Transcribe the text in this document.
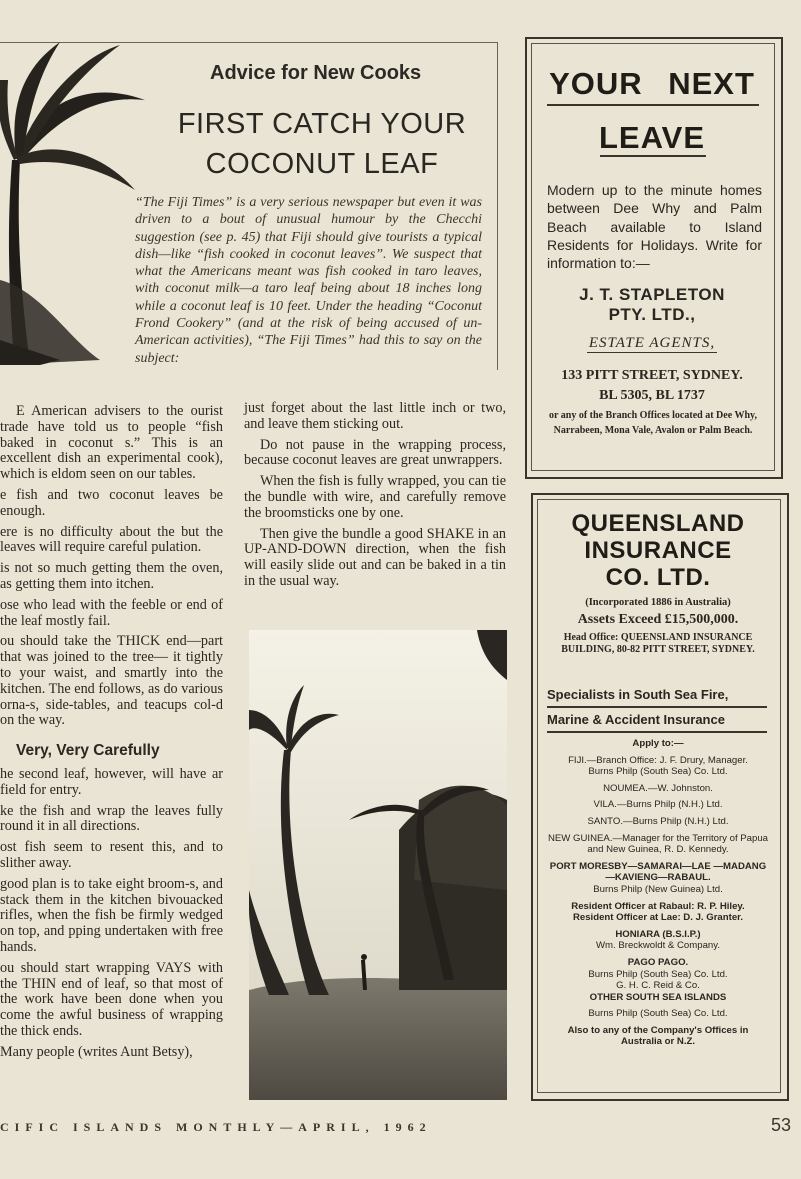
Advice for New Cooks
FIRST CATCH YOUR
COCONUT LEAF
“The Fiji Times” is a very serious newspaper but even it was driven to a bout of unusual humour by the Checchi suggestion (see p. 45) that Fiji should give tourists a typical dish—like “fish cooked in coconut leaves”. We suspect that what the Americans meant was fish cooked in taro leaves, with coconut milk—a taro leaf being about 18 inches long while a coconut leaf is 10 feet. Under the heading “Coconut Frond Cookery” (and at the risk of being accused of un-American activities), “The Fiji Times” had this to say on the subject:

E American advisers to the ourist trade have told us to people “fish baked in coconut s.” This is an excellent dish an experimental cook), which is eldom seen on our tables.

e fish and two coconut leaves be enough.

ere is no difficulty about the but the leaves will require careful pulation.

is not so much getting them the oven, as getting them into itchen.

ose who lead with the feeble or end of the leaf mostly fail.

ou should take the THICK end—part that was joined to the tree— it tightly to your waist, and smartly into the kitchen. The end follows, as do various orna-s, side-tables, and teacups col-d on the way.

Very, Very Carefully

he second leaf, however, will have ar field for entry.

ke the fish and wrap the leaves fully round it in all directions.

ost fish seem to resent this, and to slither away.

good plan is to take eight broom-s, and stack them in the kitchen bivouacked rifles, when the fish be firmly wedged on top, and pping undertaken with free hands.

ou should start wrapping VAYS with the THIN end of leaf, so that most of the work have been done when you come the awful business of wrapping the thick ends.

Many people (writes Aunt Betsy),

just forget about the last little inch or two, and leave them sticking out.

Do not pause in the wrapping process, because coconut leaves are great unwrappers.

When the fish is fully wrapped, you can tie the bundle with wire, and carefully remove the broomsticks one by one.

Then give the bundle a good SHAKE in an UP-AND-DOWN direction, when the fish will easily slide out and can be baked in a tin in the usual way.

CIFIC ISLANDS MONTHLY—APRIL, 1962	53
YOUR NEXT
LEAVE
Modern up to the minute homes between Dee Why and Palm Beach available to Island Residents for Holidays. Write for information to:—
J. T. STAPLETON
PTY. LTD.,
ESTATE AGENTS,
133 PITT STREET, SYDNEY.
BL 5305, BL 1737
or any of the Branch Offices located at Dee Why, Narrabeen, Mona Vale, Avalon or Palm Beach.
QUEENSLAND
INSURANCE
CO. LTD.
(Incorporated 1886 in Australia)
Assets Exceed £15,500,000.
Head Office: QUEENSLAND INSURANCE BUILDING, 80-82 PITT STREET, SYDNEY.
Specialists in South Sea Fire,
Marine & Accident Insurance
Apply to:—
FIJI.—Branch Office: J. F. Drury, Manager.
Burns Philp (South Sea) Co. Ltd.
NOUMEA.—W. Johnston.
VILA.—Burns Philp (N.H.) Ltd.
SANTO.—Burns Philp (N.H.) Ltd.
NEW GUINEA.—Manager for the Territory of Papua and New Guinea, R. D. Kennedy.
PORT MORESBY—SAMARAI—LAE —MADANG—KAVIENG—RABAUL.
Burns Philp (New Guinea) Ltd.
Resident Officer at Rabaul: R. P. Hiley.
Resident Officer at Lae: D. J. Granter.
HONIARA (B.S.I.P.)
Wm. Breckwoldt & Company.
PAGO PAGO.
Burns Philp (South Sea) Co. Ltd.
G. H. C. Reid & Co.
OTHER SOUTH SEA ISLANDS
Burns Philp (South Sea) Co. Ltd.
Also to any of the Company's Offices in Australia or N.Z.
